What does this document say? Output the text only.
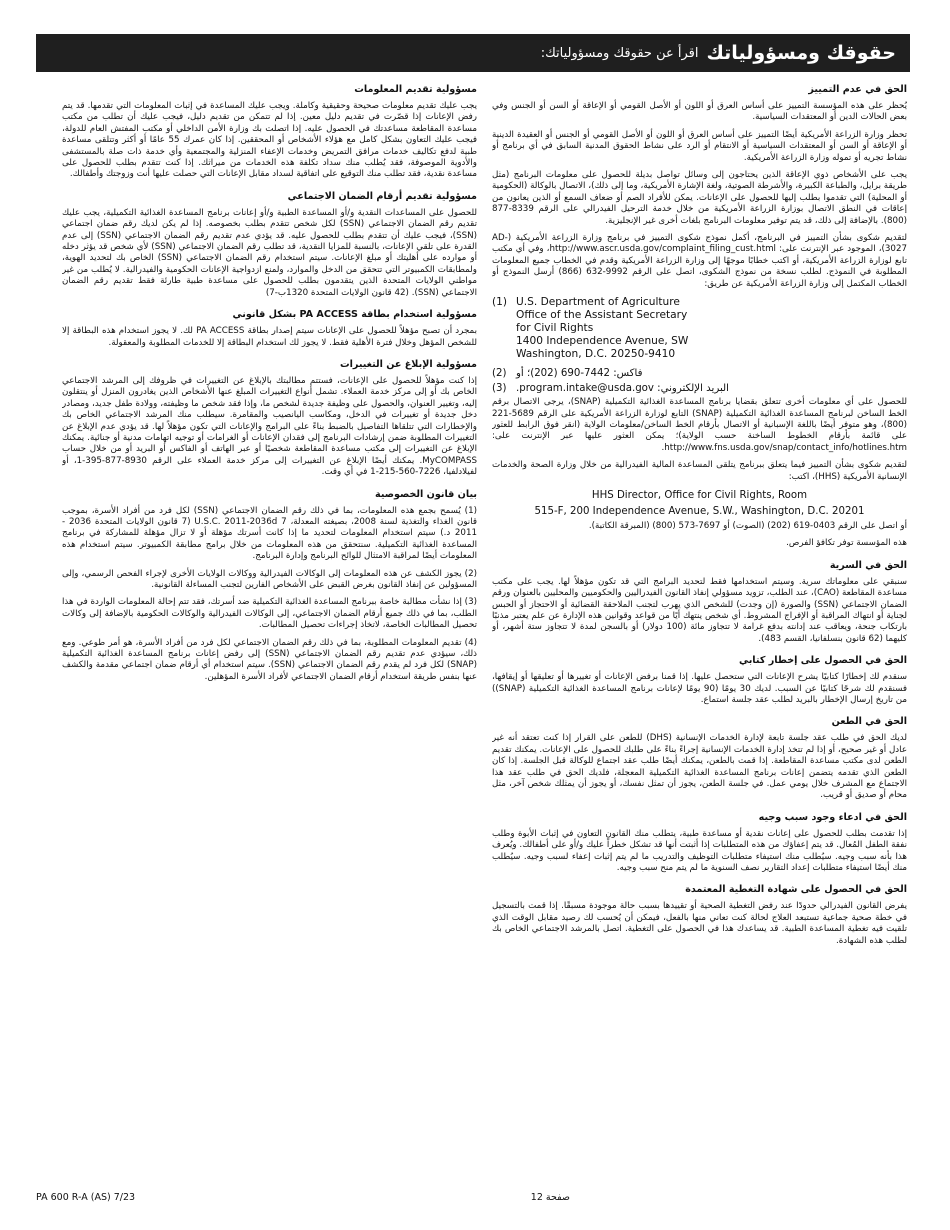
حقوقك ومسؤولياتك
اقرأ عن حقوقك ومسؤولياتك:
الحق في عدم التمييز

يُحظر على هذه المؤسسة التمييز على أساس العرق أو اللون أو الأصل القومي أو الإعاقة أو السن أو الجنس وفي بعض الحالات الدين أو المعتقدات السياسية.

تحظر وزارة الزراعة الأمريكية أيضًا التمييز على أساس العرق أو اللون أو الأصل القومي أو الجنس أو العقيدة الدينية أو الإعاقة أو السن أو المعتقدات السياسية أو الانتقام أو الرد على نشاط الحقوق المدنية السابق في أي برنامج أو نشاط تجريه أو تموله وزارة الزراعة الأمريكية.

يجب على الأشخاص ذوي الإعاقة الذين يحتاجون إلى وسائل تواصل بديلة للحصول على معلومات البرنامج (مثل طريقة برايل، والطباعة الكبيرة، والأشرطة الصوتية، ولغة الإشارة الأمريكية، وما إلى ذلك)، الاتصال بالوكالة (الحكومية أو المحلية) التي تقدموا بطلب إليها للحصول على الإعانات. يمكن للأفراد الصم أو ضعاف السمع أو الذين يعانون من إعاقات في النطق الاتصال بوزارة الزراعة الأمريكية من خلال خدمة الترحيل الفيدرالي على الرقم 8339-877 (800). بالإضافة إلى ذلك، قد يتم توفير معلومات البرنامج بلغات أخرى غير الإنجليزية.

لتقديم شكوى بشأن التمييز في البرنامج، أكمل نموذج شكوى التمييز في برنامج وزارة الزراعة الأمريكية (AD-3027)، الموجود عبر الإنترنت على: http://www.ascr.usda.gov/complaint_filing_cust.html، وفي أي مكتب تابع لوزارة الزراعة الأمريكية، أو اكتب خطابًا موجهًا إلى وزارة الزراعة الأمريكية وقدم في الخطاب جميع المعلومات المطلوبة في النموذج. لطلب نسخة من نموذج الشكوى، اتصل على الرقم 9992-632 (866) أرسل النموذج أو الخطاب المكتمل إلى وزارة الزراعة الأمريكية عن طريق:

(1) U.S. Department of Agriculture
Office of the Assistant Secretary
for Civil Rights
1400 Independence Avenue, SW
Washington, D.C. 20250-9410
(2) فاكس: 7442-690 (202)؛ أو
(3) البريد الإلكتروني: program.intake@usda.gov.

للحصول على أي معلومات أخرى تتعلق بقضايا برنامج المساعدة الغذائية التكميلية (SNAP)، يرجى الاتصال برقم الخط الساخن لبرنامج المساعدة الغذائية التكميلية (SNAP) التابع لوزارة الزراعة الأمريكية على الرقم 5689-221 (800)، وهو متوفر أيضًا باللغة الإسبانية أو الاتصال بأرقام الخط الساخن/معلومات الولاية (انقر فوق الرابط للعثور على قائمة بأرقام الخطوط الساخنة حسب الولاية)؛ يمكن العثور عليها عبر الإنترنت على: http://www.fns.usda.gov/snap/contact_info/hotlines.htm.

لتقديم شكوى بشأن التمييز فيما يتعلق ببرنامج يتلقى المساعدة المالية الفيدرالية من خلال وزارة الصحة والخدمات الإنسانية الأمريكية (HHS)، اكتب:

HHS Director, Office for Civil Rights, Room
515-F, 200 Independence Avenue, S.W., Washington, D.C. 20201

أو اتصل على الرقم 0403-619 (202) (الصوت) أو 7697-573 (800) (المبرقة الكاتبة).

هذه المؤسسة توفر تكافؤ الفرص.

الحق في السرية

سنبقي على معلوماتك سرية. وسيتم استخدامها فقط لتحديد البرامج التي قد تكون مؤهلاً لها. يجب على مكتب مساعدة المقاطعة (CAO)، عند الطلب، تزويد مسؤولي إنفاذ القانون الفيدراليين والحكوميين والمحليين بالعنوان ورقم الضمان الاجتماعي (SSN) والصورة (إن وجدت) للشخص الذي يهرب لتجنب الملاحقة القضائية أو الاحتجاز أو الحبس لجناية أو انتهاك المراقبة أو الإفراج المشروط. أي شخص ينتهك أيًا من قواعد وقوانين هذه الإدارة عن علم يعتبر مذنبًا بارتكاب جنحة، ويعاقب عند إدانته بدفع غرامة لا تتجاوز مائة (100 دولار) أو بالسجن لمدة لا تتجاوز ستة أشهر، أو كليهما (62 قانون بنسلفانيا، القسم 483).

الحق في الحصول على إخطار كتابي

سنقدم لك إخطارًا كتابيًا يشرح الإعانات التي ستحصل عليها. إذا قمنا برفض الإعانات أو تغييرها أو تعليقها أو إيقافها، فسنقدم لك شرحًا كتابيًا عن السبب. لديك 30 يومًا (90 يومًا لإعانات برنامج المساعدة الغذائية التكميلية (SNAP)) من تاريخ إرسال الإخطار بالبريد لطلب عقد جلسة استماع.

الحق في الطعن

لديك الحق في طلب عقد جلسة تابعة لإدارة الخدمات الإنسانية (DHS) للطعن على القرار إذا كنت تعتقد أنه غير عادل أو غير صحيح، أو إذا لم تتخذ إدارة الخدمات الإنسانية إجراءً بناءً على طلبك للحصول على الإعانات. يمكنك تقديم الطعن لدى مكتب مساعدة المقاطعة. إذا قمت بالطعن، يمكنك أيضًا طلب عقد اجتماع للوكالة قبل الجلسة. إذا كان الطعن الذي تقدمه يتضمن إعانات برنامج المساعدة الغذائية التكميلية المعجلة، فلديك الحق في طلب عقد هذا الاجتماع مع المشرف خلال يومي عمل. في جلسة الطعن، يجوز أن تمثل نفسك، أو يجوز أن يمثلك شخص آخر، مثل محام أو صديق أو قريب.

الحق في ادعاء وجود سبب وجيه

إذا تقدمت بطلب للحصول على إعانات نقدية أو مساعدة طبية، يتطلب منك القانون التعاون في إثبات الأبوة وطلب نفقة الطفل المُعال. قد يتم إعفاؤك من هذه المتطلبات إذا أثبتت أنها قد تشكل خطراً عليك و/أو على أطفالك. ويُعرف هذا بأنه سبب وجيه. سيُطلب منك استيفاء متطلبات التوظيف والتدريب ما لم يتم إثبات إعفاء لسبب وجيه. سيُطلب منك أيضًا استيفاء متطلبات إعداد التقارير نصف السنوية ما لم يتم منح سبب وجيه.

الحق في الحصول على شهادة التغطية المعتمدة

يفرض القانون الفيدرالي حدودًا عند رفض التغطية الصحية أو تقييدها بسبب حالة موجودة مسبقًا. إذا قمت بالتسجيل في خطة صحية جماعية تستبعد العلاج لحالة كنت تعاني منها بالفعل، فيمكن أن يُحسب لك رصيد مقابل الوقت الذي تلقيت فيه تغطية المساعدة الطبية. قد يساعدك هذا في الحصول على التغطية. اتصل بالمرشد الاجتماعي الخاص بك لطلب هذه الشهادة.

مسؤولية تقديم المعلومات

يجب عليك تقديم معلومات صحيحة وحقيقية وكاملة. ويجب عليك المساعدة في إثبات المعلومات التي تقدمها. قد يتم رفض الإعانات إذا قصّرت في تقديم دليل معين. إذا لم تتمكن من تقديم دليل، فيجب عليك أن تطلب من مكتب مساعدة المقاطعة مساعدتك في الحصول عليه. إذا اتصلت بك وزارة الأمن الداخلي أو مكتب المفتش العام للدولة، فيجب عليك التعاون بشكل كامل مع هؤلاء الأشخاص أو المحققين. إذا كان عمرك 55 عامًا أو أكثر وتتلقى مساعدة طبية لدفع تكاليف خدمات مرافق التمريض وخدمات الإعفاء المنزلية والمجتمعية وأي خدمة ذات صلة بالمستشفى والأدوية الموصوفة، فقد يُطلب منك سداد تكلفة هذه الخدمات من ميراثك. إذا كنت تتقدم بطلب للحصول على مساعدة نقدية، فقد تطلب منك التوقيع على اتفاقية لسداد مقابل الإعانات التي حصلت عليها أنت وزوجتك وأطفالك.

مسؤولية تقديم أرقام الضمان الاجتماعي

للحصول على المساعدات النقدية و/أو المساعدة الطبية و/أو إعانات برنامج المساعدة الغذائية التكميلية، يجب عليك تقديم رقم الضمان الاجتماعي (SSN) لكل شخص تتقدم بطلب بخصوصه. إذا لم يكن لديك رقم ضمان اجتماعي (SSN)، فيجب عليك أن تتقدم بطلب للحصول عليه. قد يؤدي عدم تقديم رقم الضمان الاجتماعي (SSN) إلى عدم القدرة على تلقي الإعانات، بالنسبة للمزايا النقدية، قد تطلب رقم الضمان الاجتماعي (SSN) لأي شخص قد يؤثر دخله أو موارده على أهليتك أو مبلغ الإعانات. سيتم استخدام رقم الضمان الاجتماعي (SSN) الخاص بك لتحديد الهوية، ولمطابقات الكمبيوتر التي تتحقق من الدخل والموارد، ولمنع ازدواجية الإعانات الحكومية والفيدرالية. لا يُطلب من غير مواطني الولايات المتحدة الذين يتقدمون بطلب للحصول على مساعدة طبية طارئة فقط تقديم رقم الضمان الاجتماعي (SSN). (42 قانون الولايات المتحدة 1320ب-7)

مسؤولية استخدام بطاقة PA ACCESS بشكل قانوني

بمجرد أن تصبح مؤهلاً للحصول على الإعانات سيتم إصدار بطاقة PA ACCESS لك. لا يجوز استخدام هذه البطاقة إلا للشخص المؤهل وخلال فترة الأهلية فقط. لا يجوز لك استخدام البطاقة إلا للخدمات المطلوبة والمعقولة.

مسؤولية الإبلاغ عن التغييرات

إذا كنت مؤهلاً للحصول على الإعانات، فستتم مطالبتك بالإبلاغ عن التغييرات في ظروفك إلى المرشد الاجتماعي الخاص بك أو إلى مركز خدمة العملاء. تشمل أنواع التغييرات المبلغ عنها الأشخاص الذين يغادرون المنزل أو ينتقلون إليه، وتغيير العنوان، والحصول على وظيفة جديدة لشخص ما، وإذا فقد شخص ما وظيفته، وولادة طفل جديد، ومصادر دخل جديدة أو تغييرات في الدخل، ومكاسب اليانصيب والمقامرة. سيطلب منك المرشد الاجتماعي الخاص بك والإخطارات التي تتلقاها التفاصيل بالضبط بناءً على البرامج والإعانات التي تكون مؤهلاً لها. قد يؤدي عدم الإبلاغ عن التغييرات المطلوبة ضمن إرشادات البرنامج إلى فقدان الإعانات أو الغرامات أو توجيه اتهامات مدنية أو جنائية. يمكنك الإبلاغ عن التغييرات إلى مكتب مساعدة المقاطعة شخصيًا أو عبر الهاتف أو الفاكس أو البريد أو من خلال حساب MyCOMPASS. يمكنك أيضًا الإبلاغ عن التغييرات إلى مركز خدمة العملاء على الرقم 8930-877-395-1، أو لفيلادلفيا، 7226-560-215-1 في أي وقت.

بيان قانون الخصوصية

(1) يُسمح بجمع هذه المعلومات، بما في ذلك رقم الضمان الاجتماعي (SSN) لكل فرد من أفراد الأسرة، بموجب قانون الغذاء والتغذية لسنة 2008، بصيغته المعدلة، 7 U.S.C. 2011-2036d (7 قانون الولايات المتحدة 2036 - 2011 د.) سيتم استخدام المعلومات لتحديد ما إذا كانت أسرتك مؤهلة أو لا تزال مؤهلة للمشاركة في برنامج المساعدة الغذائية التكميلية. سنتحقق من هذه المعلومات من خلال برامج مطابقة الكمبيوتر. سيتم استخدام هذه المعلومات أيضًا لمراقبة الامتثال للوائح البرنامج وإدارة البرنامج.

(2) يجوز الكشف عن هذه المعلومات إلى الوكالات الفيدرالية ووكالات الولايات الأخرى لإجراء الفحص الرسمي، وإلى المسؤولين عن إنفاذ القانون بغرض القبض على الأشخاص الفارين لتجنب المساءلة القانونية.

(3) إذا نشأت مطالبة خاصة ببرنامج المساعدة الغذائية التكميلية ضد أسرتك، فقد تتم إحالة المعلومات الواردة في هذا الطلب، بما في ذلك جميع أرقام الضمان الاجتماعي، إلى الوكالات الفيدرالية والوكالات الحكومية بالإضافة إلى وكالات تحصيل المطالبات الخاصة، لاتخاذ إجراءات تحصيل المطالبات.

(4) تقديم المعلومات المطلوبة، بما في ذلك رقم الضمان الاجتماعي لكل فرد من أفراد الأسرة، هو أمر طوعي. ومع ذلك، سيؤدي عدم تقديم رقم الضمان الاجتماعي (SSN) إلى رفض إعانات برنامج المساعدة الغذائية التكميلية (SNAP) لكل فرد لم يقدم رقم الضمان الاجتماعي (SSN). سيتم استخدام أي أرقام ضمان اجتماعي مقدمة والكشف عنها بنفس طريقة استخدام أرقام الضمان الاجتماعي لأفراد الأسرة المؤهلين.

PA 600 R-A (AS) 7/23	صفحة 12
